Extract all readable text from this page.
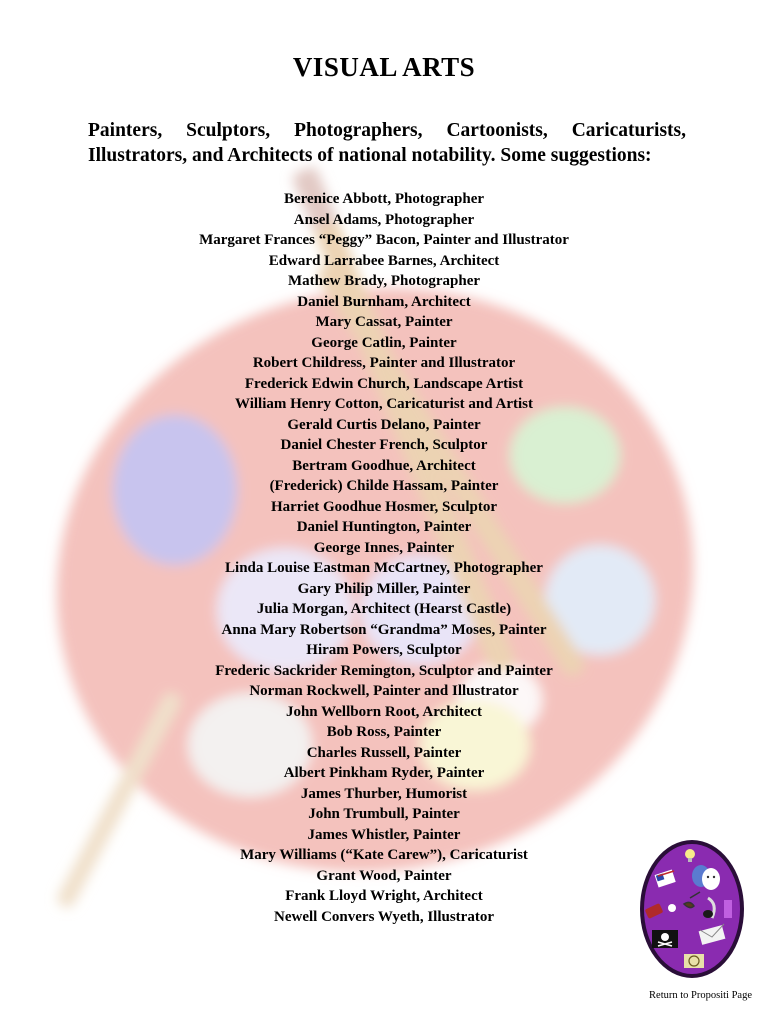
VISUAL ARTS
Painters, Sculptors, Photographers, Cartoonists, Caricaturists, Illustrators, and Architects of national notability. Some suggestions:
Berenice Abbott, Photographer
Ansel Adams, Photographer
Margaret Frances “Peggy” Bacon, Painter and Illustrator
Edward Larrabee Barnes, Architect
Mathew Brady, Photographer
Daniel Burnham, Architect
Mary Cassat, Painter
George Catlin, Painter
Robert Childress, Painter and Illustrator
Frederick Edwin Church, Landscape Artist
William Henry Cotton, Caricaturist and Artist
Gerald Curtis Delano, Painter
Daniel Chester French, Sculptor
Bertram Goodhue, Architect
(Frederick) Childe Hassam, Painter
Harriet Goodhue Hosmer, Sculptor
Daniel Huntington, Painter
George Innes, Painter
Linda Louise Eastman McCartney, Photographer
Gary Philip Miller, Painter
Julia Morgan, Architect (Hearst Castle)
Anna Mary Robertson “Grandma” Moses, Painter
Hiram Powers, Sculptor
Frederic Sackrider Remington, Sculptor and Painter
Norman Rockwell, Painter and Illustrator
John Wellborn Root, Architect
Bob Ross, Painter
Charles Russell, Painter
Albert Pinkham Ryder, Painter
James Thurber, Humorist
John Trumbull, Painter
James Whistler, Painter
Mary Williams (“Kate Carew”), Caricaturist
Grant Wood, Painter
Frank Lloyd Wright, Architect
Newell Convers Wyeth, Illustrator
Return to Propositi Page
